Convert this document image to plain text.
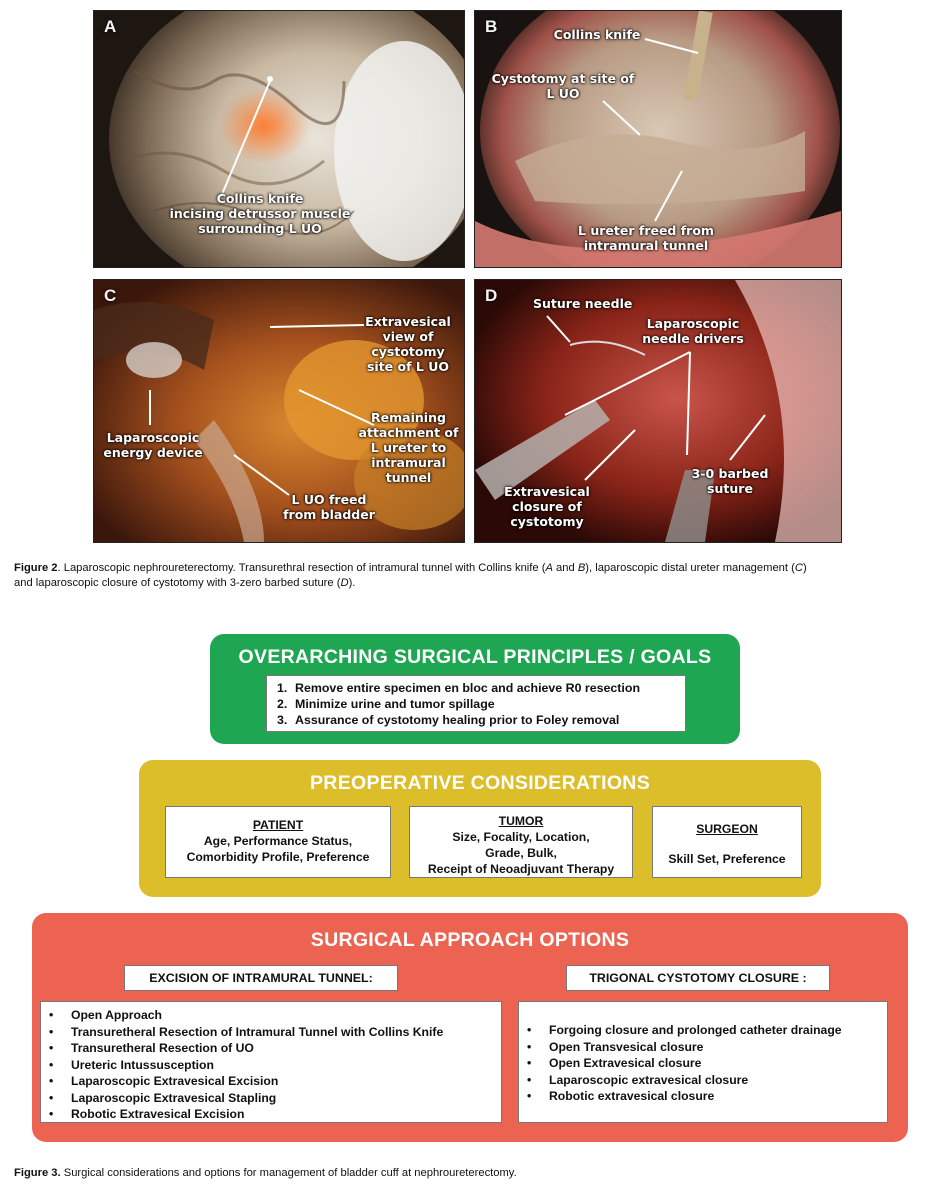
A
Collins knife
incising detrussor muscle
surrounding L UO
B	Collins knife
Cystotomy at site of
L UO
L ureter freed from
intramural tunnel
C
Extravesical
view of
cystotomy
site of L UO
Laparoscopic
energy device
Remaining
attachment of
L ureter to
intramural
tunnel
L UO freed
from bladder
D	Suture needle
Laparoscopic
needle drivers
Extravesical
closure of
cystotomy
3-0 barbed
suture
Figure 2. Laparoscopic nephroureterectomy. Transurethral resection of intramural tunnel with Collins knife (A and B), laparoscopic distal ureter management (C)
and laparoscopic closure of cystotomy with 3-zero barbed suture (D).
OVERARCHING SURGICAL PRINCIPLES / GOALS
1. Remove entire specimen en bloc and achieve R0 resection
2. Minimize urine and tumor spillage
3. Assurance of cystotomy healing prior to Foley removal
PREOPERATIVE CONSIDERATIONS
PATIENT
Age, Performance Status,
Comorbidity Profile, Preference
TUMOR
Size, Focality, Location,
Grade, Bulk,
Receipt of Neoadjuvant Therapy
SURGEON
Skill Set, Preference
SURGICAL APPROACH OPTIONS
EXCISION OF INTRAMURAL TUNNEL:	TRIGONAL CYSTOTOMY CLOSURE :
• Open Approach
• Transuretheral Resection of Intramural Tunnel with Collins Knife
• Transuretheral Resection of UO
• Ureteric Intussusception
• Laparoscopic Extravesical Excision
• Laparoscopic Extravesical Stapling
• Robotic Extravesical Excision
• Forgoing closure and prolonged catheter drainage
• Open Transvesical closure
• Open Extravesical closure
• Laparoscopic extravesical closure
• Robotic extravesical closure
Figure 3. Surgical considerations and options for management of bladder cuff at nephroureterectomy.
